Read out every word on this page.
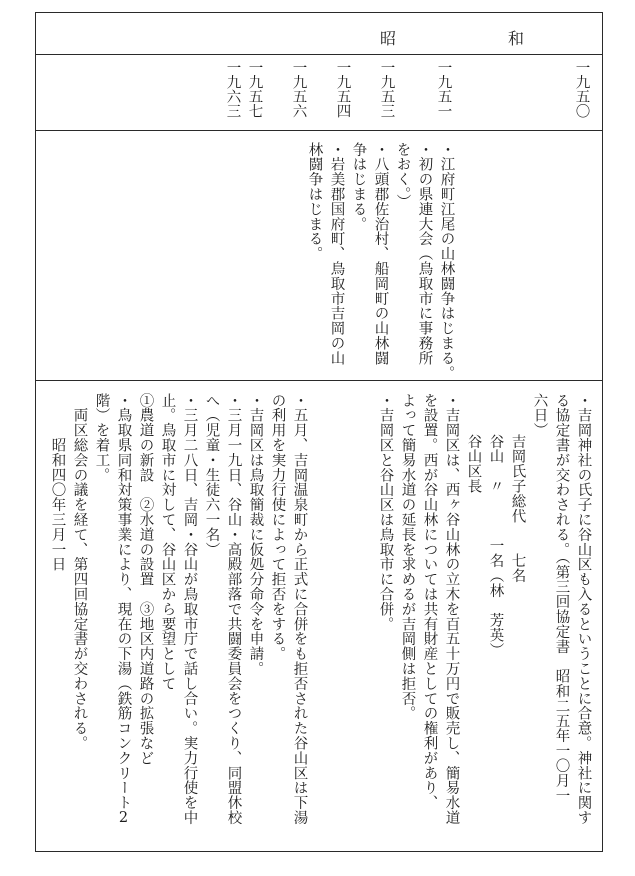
昭	和
一九五〇
一九五一
一九五三
一九五四
一九五六
一九五七
一九六三
・江府町江尾の山林闘争はじまる。
・初の県連大会（鳥取市に事務所
をおく。）
・八頭郡佐治村、船岡町の山林闘
争はじまる。
・岩美郡国府町、鳥取市吉岡の山
林闘争はじまる。
・吉岡神社の氏子に谷山区も入るということに合意。神社に関す
る協定書が交わされる。（第三回協定書　昭和二五年一〇月一
六日）
吉岡氏子総代　　七名
谷山　〃　　　一名（林　芳英）
谷山区長
・吉岡区は、西ヶ谷山林の立木を百五十万円で販売し、簡易水道
を設置。西が谷山林については共有財産としての権利があり、
よって簡易水道の延長を求めるが吉岡側は拒否。
・吉岡区と谷山区は鳥取市に合併。
・五月、吉岡温泉町から正式に合併をも拒否された谷山区は下湯
の利用を実力行使によって拒否をする。
・吉岡区は鳥取簡裁に仮処分命令を申請。
・三月一九日、谷山・高殿部落で共闘委員会をつくり、同盟休校
へ（児童・生徒六一名）
・三月二八日、吉岡・谷山が鳥取市庁で話し合い。実力行使を中
止。鳥取市に対して、谷山区から要望として
①農道の新設　②水道の設置　③地区内道路の拡張など
・鳥取県同和対策事業により、現在の下湯（鉄筋コンクリート2
階）を着工。
　両区総会の議を経て、第四回協定書が交わされる。
　　　昭和四〇年三月一日
